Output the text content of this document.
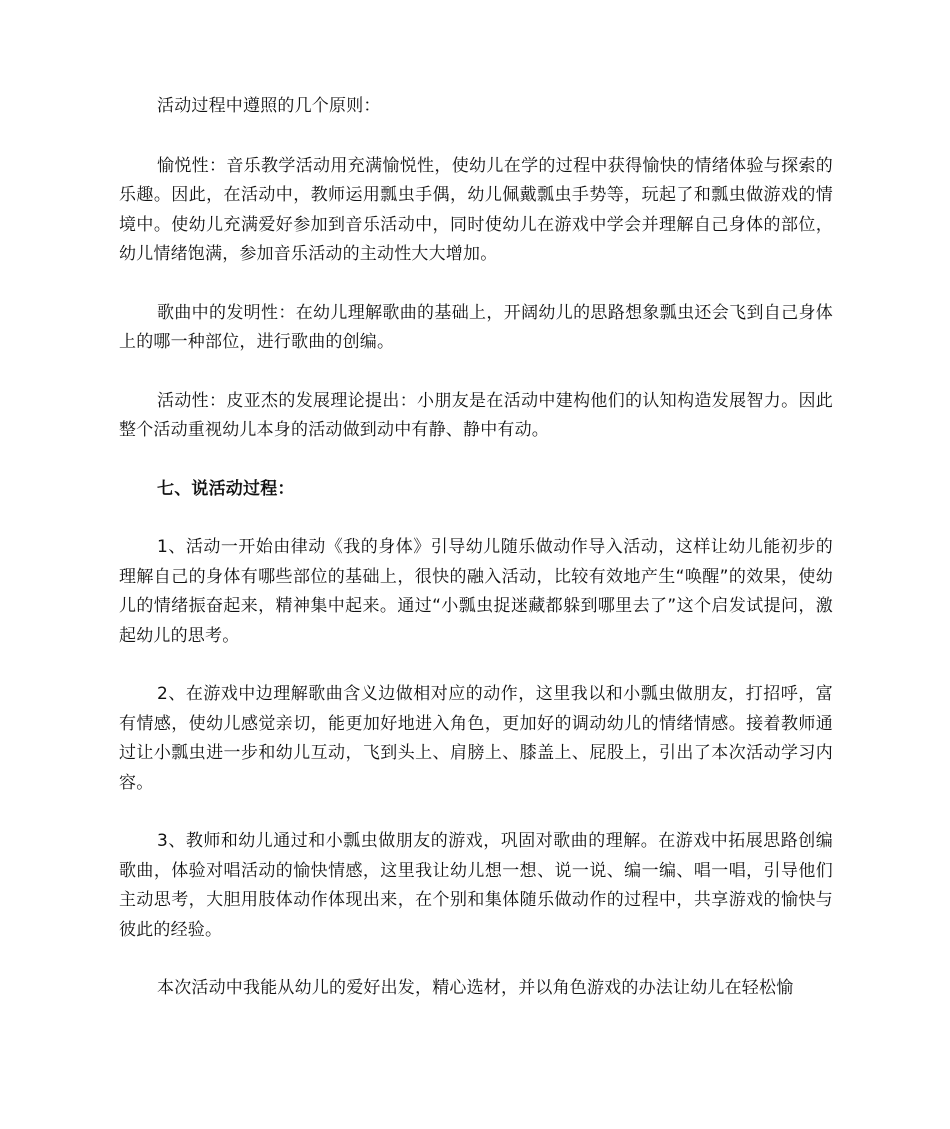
活动过程中遵照的几个原则：

愉悦性：音乐教学活动用充满愉悦性，使幼儿在学的过程中获得愉快的情绪体验与探索的乐趣。因此，在活动中，教师运用瓢虫手偶，幼儿佩戴瓢虫手势等，玩起了和瓢虫做游戏的情境中。使幼儿充满爱好参加到音乐活动中，同时使幼儿在游戏中学会并理解自己身体的部位，幼儿情绪饱满，参加音乐活动的主动性大大增加。

歌曲中的发明性：在幼儿理解歌曲的基础上，开阔幼儿的思路想象瓢虫还会飞到自己身体上的哪一种部位，进行歌曲的创编。

活动性：皮亚杰的发展理论提出：小朋友是在活动中建构他们的认知构造发展智力。因此整个活动重视幼儿本身的活动做到动中有静、静中有动。

七、说活动过程：

1、活动一开始由律动《我的身体》引导幼儿随乐做动作导入活动，这样让幼儿能初步的理解自己的身体有哪些部位的基础上，很快的融入活动，比较有效地产生“唤醒”的效果，使幼儿的情绪振奋起来，精神集中起来。通过“小瓢虫捉迷藏都躲到哪里去了”这个启发试提问，激起幼儿的思考。

2、在游戏中边理解歌曲含义边做相对应的动作，这里我以和小瓢虫做朋友，打招呼，富有情感，使幼儿感觉亲切，能更加好地进入角色，更加好的调动幼儿的情绪情感。接着教师通过让小瓢虫进一步和幼儿互动，飞到头上、肩膀上、膝盖上、屁股上，引出了本次活动学习内容。

3、教师和幼儿通过和小瓢虫做朋友的游戏，巩固对歌曲的理解。在游戏中拓展思路创编歌曲，体验对唱活动的愉快情感，这里我让幼儿想一想、说一说、编一编、唱一唱，引导他们主动思考，大胆用肢体动作体现出来，在个别和集体随乐做动作的过程中，共享游戏的愉快与彼此的经验。

本次活动中我能从幼儿的爱好出发，精心选材，并以角色游戏的办法让幼儿在轻松愉
